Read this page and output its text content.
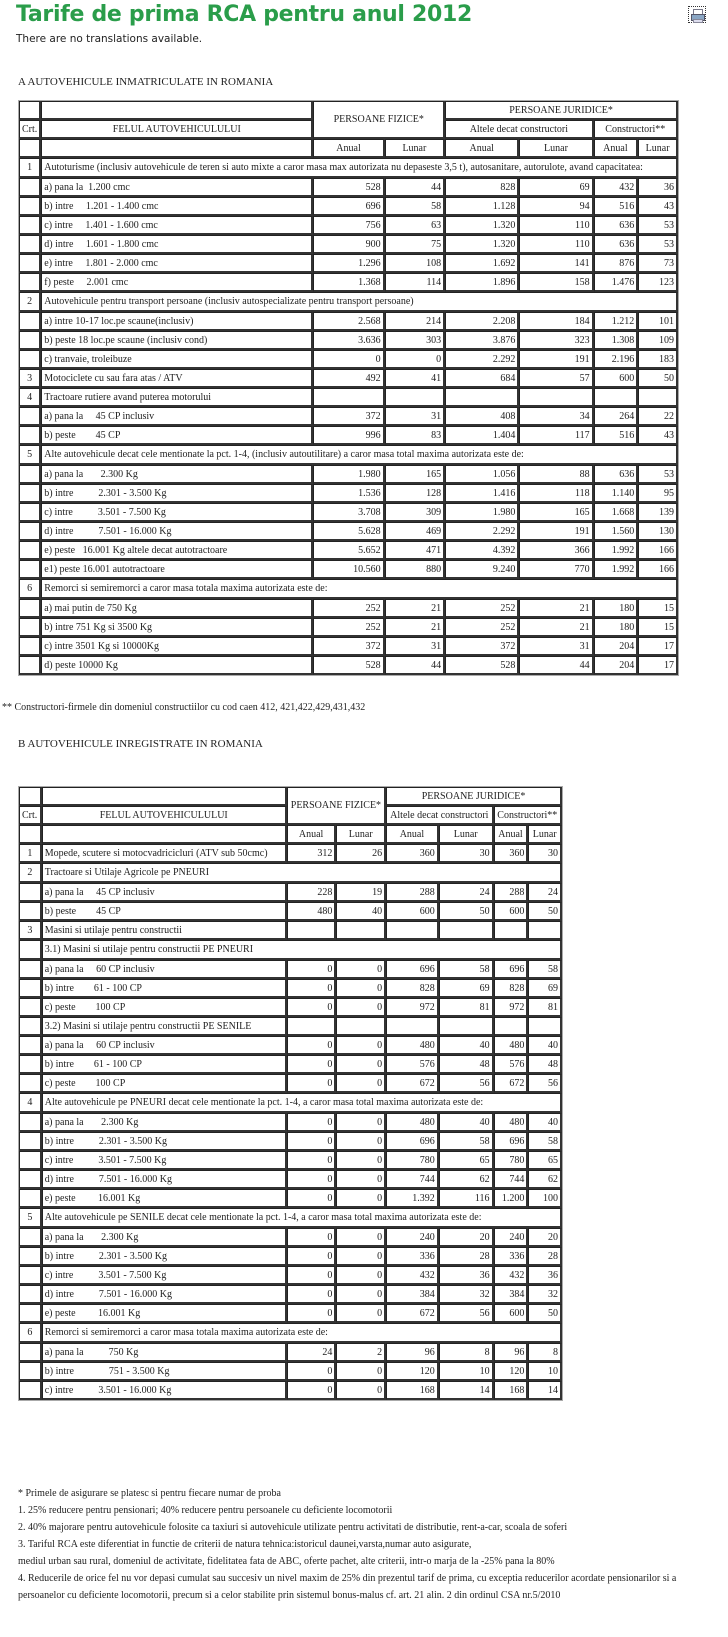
Tarife de prima RCA pentru anul 2012
There are no translations available.
A AUTOVEHICULE INMATRICULATE IN ROMANIA
		PERSOANE FIZICE*		PERSOANE JURIDICE*			
Crt.	FELUL AUTOVEHICULULUI			Altele decat constructori		Constructori**	
		Anual	Lunar	Anual	Lunar	Anual	Lunar
1	Autoturisme (inclusiv autovehicule de teren si auto mixte a caror masa max autorizata nu depaseste 3,5 t), autosanitare, autorulote, avand capacitatea:						
	a) pana la  1.200 cmc	528	44	828	69	432	36
	b) intre     1.201 - 1.400 cmc	696	58	1.128	94	516	43
	c) intre     1.401 - 1.600 cmc	756	63	1.320	110	636	53
	d) intre     1.601 - 1.800 cmc	900	75	1.320	110	636	53
	e) intre     1.801 - 2.000 cmc	1.296	108	1.692	141	876	73
	f) peste     2.001 cmc	1.368	114	1.896	158	1.476	123
2	Autovehicule pentru transport persoane (inclusiv autospecializate pentru transport persoane)						
	a) intre 10-17 loc.pe scaune(inclusiv)	2.568	214	2.208	184	1.212	101
	b) peste 18 loc.pe scaune (inclusiv cond)	3.636	303	3.876	323	1.308	109
	c) tranvaie, troleibuze	0	0	2.292	191	2.196	183
3	Motociclete cu sau fara atas / ATV	492	41	684	57	600	50
4	Tractoare rutiere avand puterea motorului						
	a) pana la     45 CP inclusiv	372	31	408	34	264	22
	b) peste        45 CP	996	83	1.404	117	516	43
5	Alte autovehicule decat cele mentionate la pct. 1-4, (inclusiv autoutilitare) a caror masa total maxima autorizata este de:						
	a) pana la       2.300 Kg	1.980	165	1.056	88	636	53
	b) intre          2.301 - 3.500 Kg	1.536	128	1.416	118	1.140	95
	c) intre          3.501 - 7.500 Kg	3.708	309	1.980	165	1.668	139
	d) intre          7.501 - 16.000 Kg	5.628	469	2.292	191	1.560	130
	e) peste   16.001 Kg altele decat autotractoare	5.652	471	4.392	366	1.992	166
	e1) peste 16.001 autotractoare	10.560	880	9.240	770	1.992	166
6	Remorci si semiremorci a caror masa totala maxima autorizata este de:						
	a) mai putin de 750 Kg	252	21	252	21	180	15
	b) intre 751 Kg si 3500 Kg	252	21	252	21	180	15
	c) intre 3501 Kg si 10000Kg	372	31	372	31	204	17
	d) peste 10000 Kg	528	44	528	44	204	17
** Constructori-firmele din domeniul constructiilor cu cod caen 412, 421,422,429,431,432
B AUTOVEHICULE INREGISTRATE IN ROMANIA
		PERSOANE FIZICE*		PERSOANE JURIDICE*			
Crt.	FELUL AUTOVEHICULULUI			Altele decat constructori		Constructori**	
		Anual	Lunar	Anual	Lunar	Anual	Lunar
1	Mopede, scutere si motocvadricicluri (ATV sub 50cmc)	312	26	360	30	360	30
2	Tractoare si Utilaje Agricole pe PNEURI						
	a) pana la     45 CP inclusiv	228	19	288	24	288	24
	b) peste        45 CP	480	40	600	50	600	50
3	Masini si utilaje pentru constructii						
	3.1) Masini si utilaje pentru constructii PE PNEURI						
	a) pana la     60 CP inclusiv	0	0	696	58	696	58
	b) intre        61 - 100 CP	0	0	828	69	828	69
	c) peste        100 CP	0	0	972	81	972	81
	3.2) Masini si utilaje pentru constructii PE SENILE						
	a) pana la     60 CP inclusiv	0	0	480	40	480	40
	b) intre        61 - 100 CP	0	0	576	48	576	48
	c) peste        100 CP	0	0	672	56	672	56
4	Alte autovehicule pe PNEURI decat cele mentionate la pct. 1-4, a caror masa total maxima autorizata este de:						
	a) pana la       2.300 Kg	0	0	480	40	480	40
	b) intre          2.301 - 3.500 Kg	0	0	696	58	696	58
	c) intre          3.501 - 7.500 Kg	0	0	780	65	780	65
	d) intre          7.501 - 16.000 Kg	0	0	744	62	744	62
	e) peste         16.001 Kg	0	0	1.392	116	1.200	100
5	Alte autovehicule pe SENILE decat cele mentionate la pct. 1-4, a caror masa total maxima autorizata este de:						
	a) pana la       2.300 Kg	0	0	240	20	240	20
	b) intre          2.301 - 3.500 Kg	0	0	336	28	336	28
	c) intre          3.501 - 7.500 Kg	0	0	432	36	432	36
	d) intre          7.501 - 16.000 Kg	0	0	384	32	384	32
	e) peste         16.001 Kg	0	0	672	56	600	50
6	Remorci si semiremorci a caror masa totala maxima autorizata este de:						
	a) pana la          750 Kg	24	2	96	8	96	8
	b) intre              751 - 3.500 Kg	0	0	120	10	120	10
	c) intre          3.501 - 16.000 Kg	0	0	168	14	168	14
* Primele de asigurare se platesc si pentru fiecare numar de proba
1. 25% reducere pentru pensionari; 40% reducere pentru persoanele cu deficiente locomotorii
2. 40% majorare pentru autovehicule folosite ca taxiuri si autovehicule utilizate pentru activitati de distributie, rent-a-car, scoala de soferi
3. Tariful RCA este diferentiat in functie de criterii de natura tehnica:istoricul daunei,varsta,numar auto asigurate,
mediul urban sau rural, domeniul de activitate, fidelitatea fata de ABC, oferte pachet, alte criterii, intr-o marja de la -25% pana la 80%
4. Reducerile de orice fel nu vor depasi cumulat sau succesiv un nivel maxim de 25% din prezentul tarif de prima, cu exceptia reducerilor acordate pensionarilor si a persoanelor cu deficiente locomotorii, precum si a celor stabilite prin sistemul bonus-malus cf. art. 21 alin. 2 din ordinul CSA nr.5/2010
